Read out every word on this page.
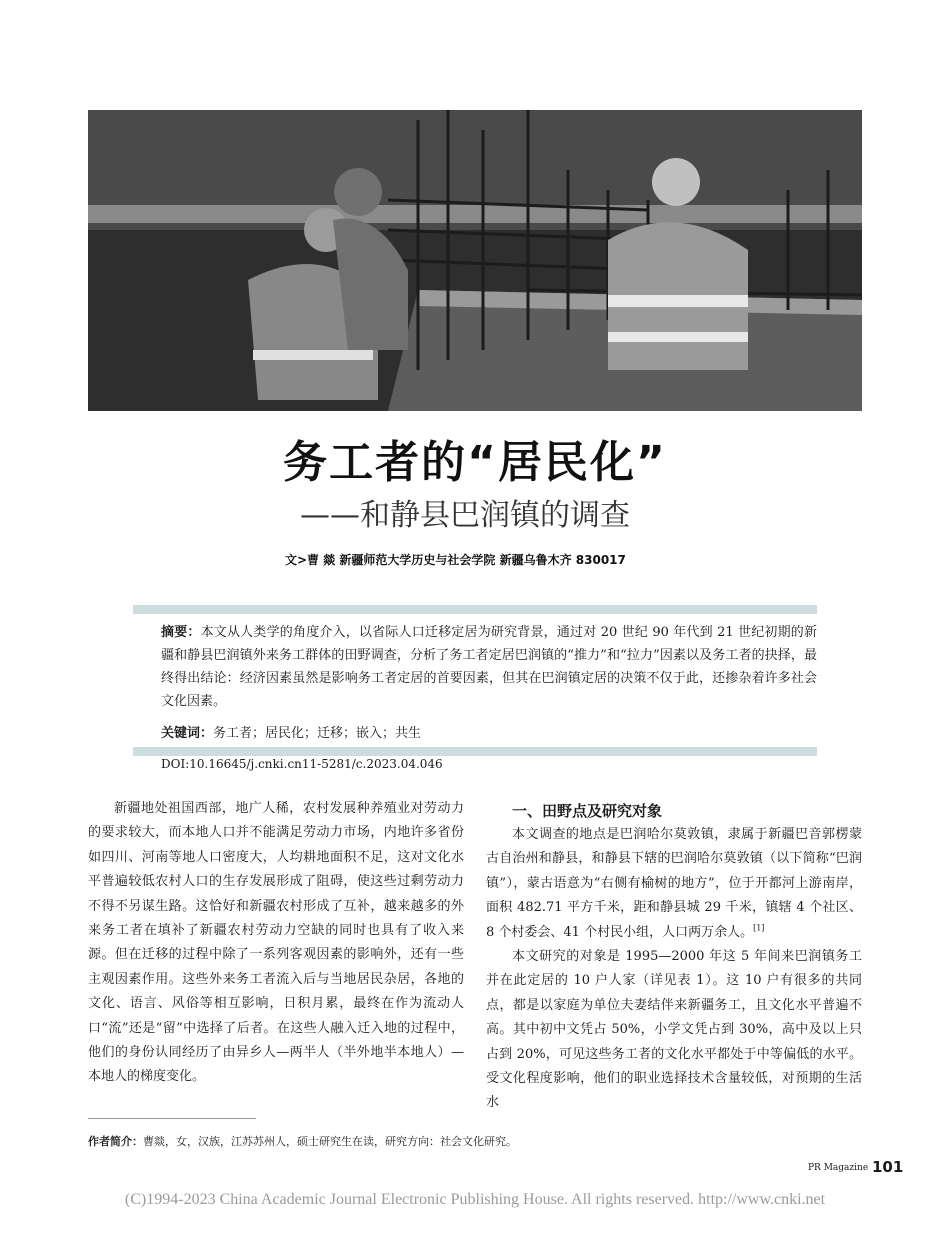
务工者的“居民化”
——和静县巴润镇的调查
文>曹 燚 新疆师范大学历史与社会学院 新疆乌鲁木齐 830017
摘要：本文从人类学的角度介入，以省际人口迁移定居为研究背景，通过对 20 世纪 90 年代到 21 世纪初期的新疆和静县巴润镇外来务工群体的田野调查，分析了务工者定居巴润镇的“推力”和“拉力”因素以及务工者的抉择，最终得出结论：经济因素虽然是影响务工者定居的首要因素，但其在巴润镇定居的决策不仅于此，还掺杂着许多社会文化因素。
关键词：务工者；居民化；迁移；嵌入；共生
DOI:10.16645/j.cnki.cn11-5281/c.2023.04.046

新疆地处祖国西部，地广人稀，农村发展种养殖业对劳动力的要求较大，而本地人口并不能满足劳动力市场，内地许多省份如四川、河南等地人口密度大，人均耕地面积不足，这对文化水平普遍较低农村人口的生存发展形成了阻碍，使这些过剩劳动力不得不另谋生路。这恰好和新疆农村形成了互补，越来越多的外来务工者在填补了新疆农村劳动力空缺的同时也具有了收入来源。但在迁移的过程中除了一系列客观因素的影响外，还有一些主观因素作用。这些外来务工者流入后与当地居民杂居，各地的文化、语言、风俗等相互影响，日积月累，最终在作为流动人口“流”还是“留”中选择了后者。在这些人融入迁入地的过程中，他们的身份认同经历了由异乡人—两半人（半外地半本地人）—本地人的梯度变化。

一、田野点及研究对象

本文调查的地点是巴润哈尔莫敦镇，隶属于新疆巴音郭楞蒙古自治州和静县，和静县下辖的巴润哈尔莫敦镇（以下简称“巴润镇”），蒙古语意为“右侧有榆树的地方”，位于开都河上游南岸，面积 482.71 平方千米，距和静县城 29 千米，镇辖 4 个社区、8 个村委会、41 个村民小组，人口两万余人。[1]

本文研究的对象是 1995—2000 年这 5 年间来巴润镇务工并在此定居的 10 户人家（详见表 1）。这 10 户有很多的共同点，都是以家庭为单位夫妻结伴来新疆务工，且文化水平普遍不高。其中初中文凭占 50%，小学文凭占到 30%，高中及以上只占到 20%，可见这些务工者的文化水平都处于中等偏低的水平。受文化程度影响，他们的职业选择技术含量较低，对预期的生活水

作者简介：曹燚，女，汉族，江苏苏州人，硕士研究生在读，研究方向：社会文化研究。
PR Magazine 101
(C)1994-2023 China Academic Journal Electronic Publishing House. All rights reserved. http://www.cnki.net
